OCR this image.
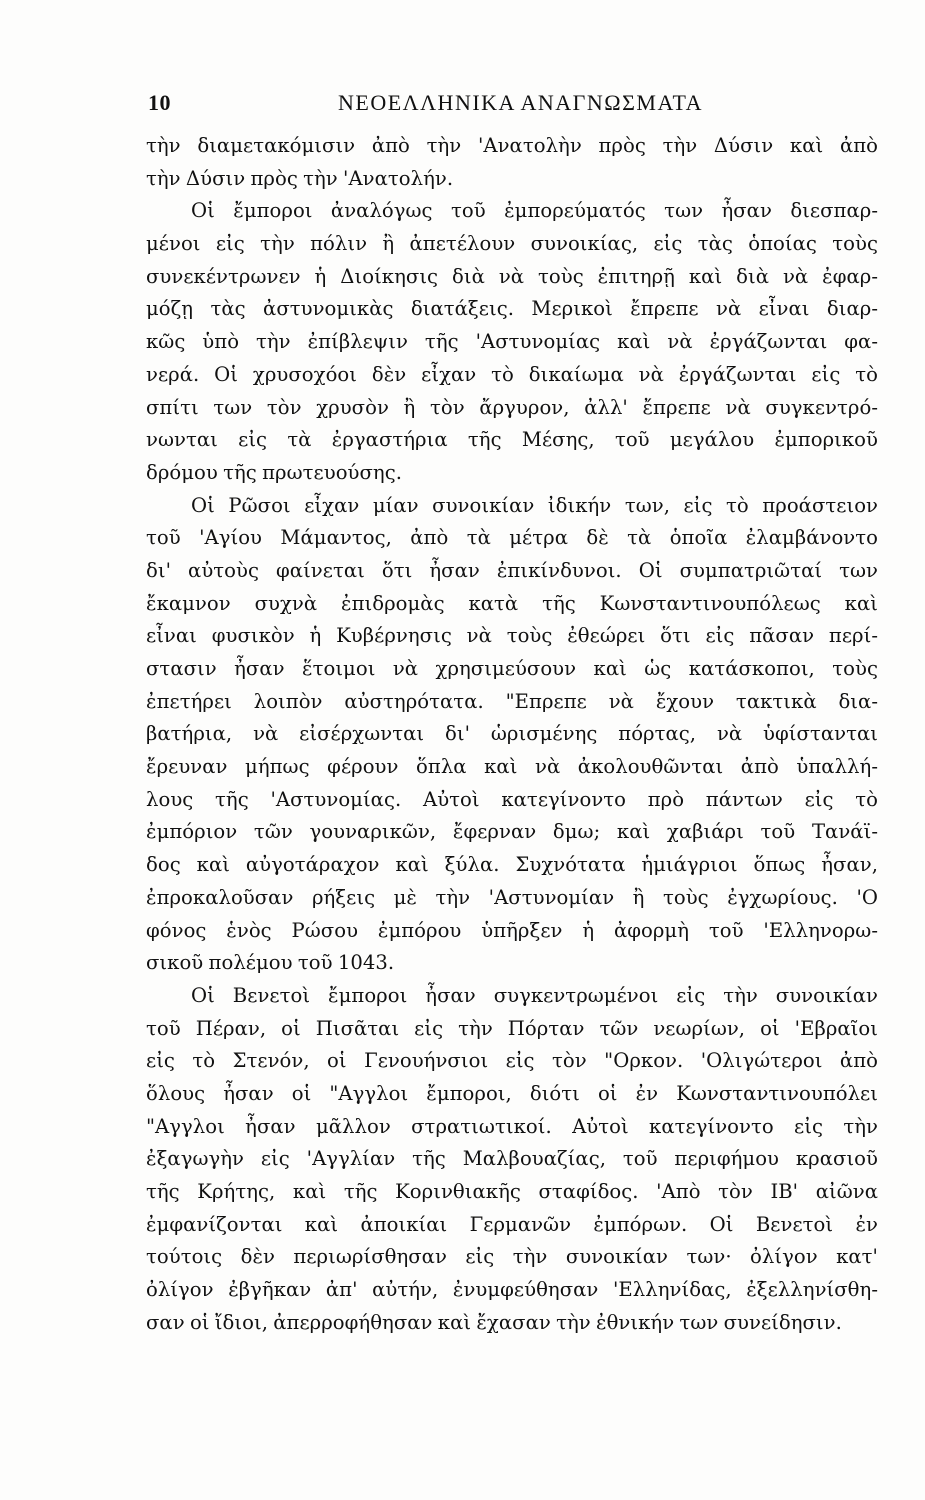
10	ΝΕΟΕΛΛΗΝΙΚΑ ΑΝΑΓΝΩΣΜΑΤΑ
τὴν διαμετακόμισιν ἀπὸ τὴν 'Ανατολὴν πρὸς τὴν Δύσιν καὶ ἀπὸ
τὴν Δύσιν πρὸς τὴν 'Ανατολήν.
Οἱ ἔμποροι ἀναλόγως τοῦ ἐμπορεύματός των ἦσαν διεσπαρ-
μένοι εἰς τὴν πόλιν ἢ ἀπετέλουν συνοικίας, εἰς τὰς ὁποίας τοὺς
συνεκέντρωνεν ἡ Διοίκησις διὰ νὰ τοὺς ἐπιτηρῇ καὶ διὰ νὰ ἐφαρ-
μόζῃ τὰς ἀστυνομικὰς διατάξεις. Μερικοὶ ἔπρεπε νὰ εἶναι διαρ-
κῶς ὑπὸ τὴν ἐπίβλεψιν τῆς 'Αστυνομίας καὶ νὰ ἐργάζωνται φα-
νερά. Οἱ χρυσοχόοι δὲν εἶχαν τὸ δικαίωμα νὰ ἐργάζωνται εἰς τὸ
σπίτι των τὸν χρυσὸν ἢ τὸν ἄργυρον, ἀλλ' ἔπρεπε νὰ συγκεντρό-
νωνται εἰς τὰ ἐργαστήρια τῆς Μέσης, τοῦ μεγάλου ἐμπορικοῦ
δρόμου τῆς πρωτευούσης.
Οἱ Ρῶσοι εἶχαν μίαν συνοικίαν ἰδικήν των, εἰς τὸ προάστειον
τοῦ 'Αγίου Μάμαντος, ἀπὸ τὰ μέτρα δὲ τὰ ὁποῖα ἐλαμβάνοντο
δι' αὐτοὺς φαίνεται ὅτι ἦσαν ἐπικίνδυνοι. Οἱ συμπατριῶταί των
ἔκαμνον συχνὰ ἐπιδρομὰς κατὰ τῆς Κωνσταντινουπόλεως καὶ
εἶναι φυσικὸν ἡ Κυβέρνησις νὰ τοὺς ἐθεώρει ὅτι εἰς πᾶσαν περί-
στασιν ἦσαν ἕτοιμοι νὰ χρησιμεύσουν καὶ ὡς κατάσκοποι, τοὺς
ἐπετήρει λοιπὸν αὐστηρότατα. "Επρεπε νὰ ἔχουν τακτικὰ δια-
βατήρια, νὰ εἰσέρχωνται δι' ὡρισμένης πόρτας, νὰ ὑφίστανται
ἔρευναν μήπως φέρουν ὅπλα καὶ νὰ ἀκολουθῶνται ἀπὸ ὑπαλλή-
λους τῆς 'Αστυνομίας. Αὐτοὶ κατεγίνοντο πρὸ πάντων εἰς τὸ
ἐμπόριον τῶν γουναρικῶν, ἔφερναν δμω; καὶ χαβιάρι τοῦ Τανάϊ-
δος καὶ αὐγοτάραχον καὶ ξύλα. Συχνότατα ἡμιάγριοι ὅπως ἦσαν,
ἐπροκαλοῦσαν ρήξεις μὲ τὴν 'Αστυνομίαν ἢ τοὺς ἐγχωρίους. 'Ο
φόνος ἑνὸς Ρώσου ἐμπόρου ὑπῆρξεν ἡ ἀφορμὴ τοῦ 'Ελληνορω-
σικοῦ πολέμου τοῦ 1043.
Οἱ Βενετοὶ ἔμποροι ἦσαν συγκεντρωμένοι εἰς τὴν συνοικίαν
τοῦ Πέραν, οἱ Πισᾶται εἰς τὴν Πόρταν τῶν νεωρίων, οἱ 'Εβραῖοι
εἰς τὸ Στενόν, οἱ Γενουήνσιοι εἰς τὸν "Ορκον. 'Ολιγώτεροι ἀπὸ
ὅλους ἦσαν οἱ "Αγγλοι ἔμποροι, διότι οἱ ἐν Κωνσταντινουπόλει
"Αγγλοι ἦσαν μᾶλλον στρατιωτικοί. Αὐτοὶ κατεγίνοντο εἰς τὴν
ἐξαγωγὴν εἰς 'Αγγλίαν τῆς Μαλβουαζίας, τοῦ περιφήμου κρασιοῦ
τῆς Κρήτης, καὶ τῆς Κορινθιακῆς σταφίδος. 'Απὸ τὸν ΙΒ' αἰῶνα
ἐμφανίζονται καὶ ἀποικίαι Γερμανῶν ἐμπόρων. Οἱ Βενετοὶ ἐν
τούτοις δὲν περιωρίσθησαν εἰς τὴν συνοικίαν των· ὀλίγον κατ'
ὀλίγον ἐβγῆκαν ἀπ' αὐτήν, ἐνυμφεύθησαν 'Ελληνίδας, ἐξελληνίσθη-
σαν οἱ ἴδιοι, ἀπερροφήθησαν καὶ ἔχασαν τὴν ἐθνικήν των συνείδησιν.
